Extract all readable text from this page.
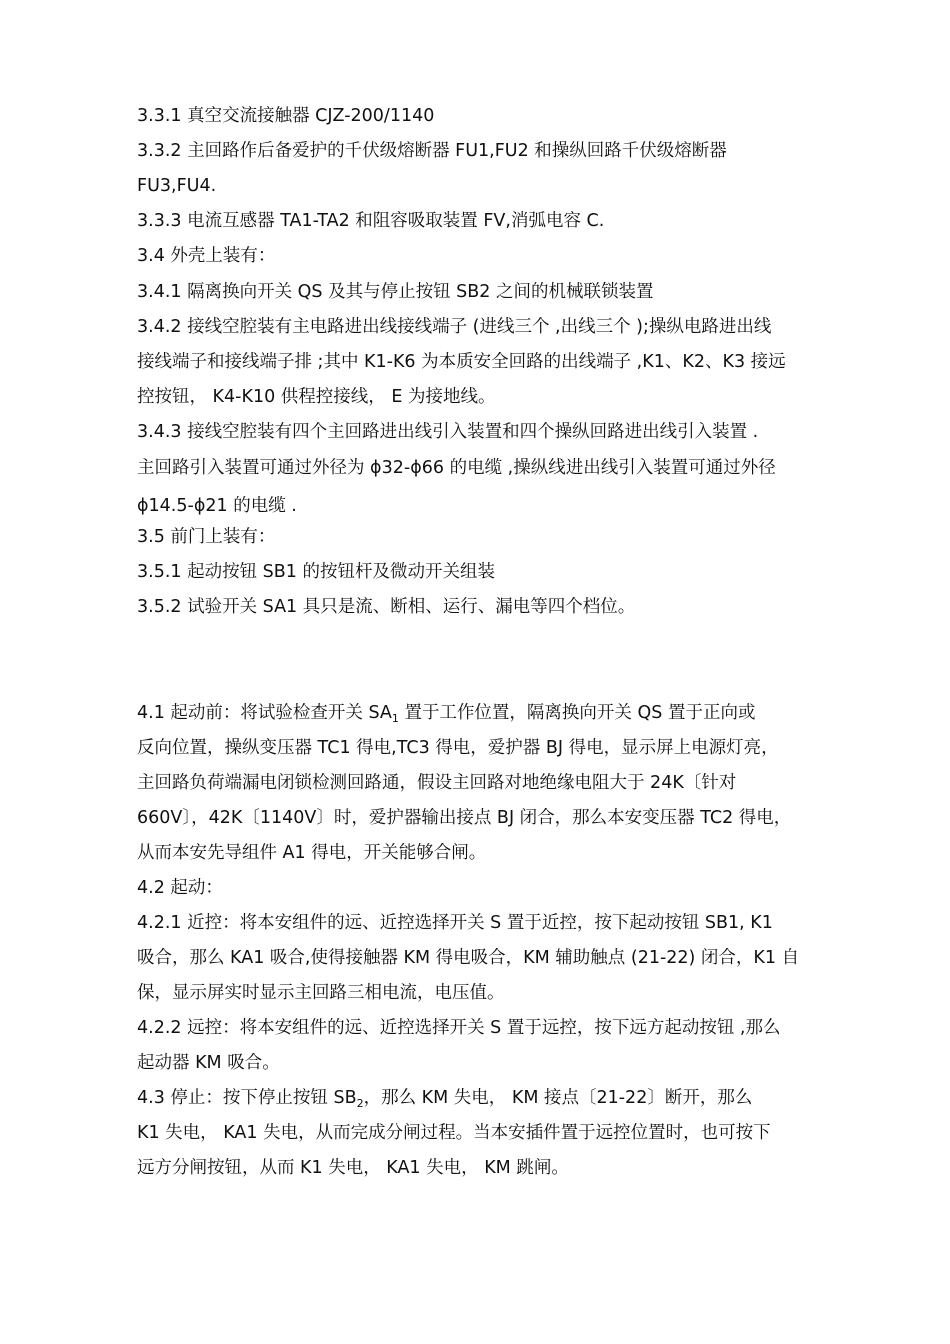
3.3.1 真空交流接触器 CJZ-200/1140
3.3.2 主回路作后备爱护的千伏级熔断器 FU1,FU2 和操纵回路千伏级熔断器
FU3,FU4.
3.3.3 电流互感器 TA1-TA2 和阻容吸取装置 FV,消弧电容 C.
3.4 外壳上装有：
3.4.1 隔离换向开关 QS 及其与停止按钮 SB2 之间的机械联锁装置
3.4.2 接线空腔装有主电路进出线接线端子 (进线三个 ,出线三个 );操纵电路进出线
接线端子和接线端子排 ;其中 K1-K6 为本质安全回路的出线端子 ,K1、K2、K3 接远
控按钮， K4-K10 供程控接线， E 为接地线。
3.4.3 接线空腔装有四个主回路进出线引入装置和四个操纵回路进出线引入装置 .
主回路引入装置可通过外径为 ϕ32-ϕ66 的电缆 ,操纵线进出线引入装置可通过外径
ϕ14.5-ϕ21 的电缆 .
3.5 前门上装有：
3.5.1 起动按钮 SB1 的按钮杆及微动开关组装
3.5.2 试验开关 SA1 具只是流、断相、运行、漏电等四个档位。
4.1 起动前：将试验检查开关 $SA_1$ 置于工作位置，隔离换向开关 QS 置于正向或
反向位置，操纵变压器 TC1 得电,TC3 得电，爱护器 BJ 得电，显示屏上电源灯亮，
主回路负荷端漏电闭锁检测回路通，假设主回路对地绝缘电阻大于 24K〔针对
660V〕，42K〔1140V〕时，爱护器输出接点 BJ 闭合，那么本安变压器 TC2 得电，
从而本安先导组件 A1 得电，开关能够合闸。
4.2 起动：
4.2.1 近控：将本安组件的远、近控选择开关 S 置于近控，按下起动按钮 SB1, K1
吸合，那么 KA1 吸合,使得接触器 KM 得电吸合，KM 辅助触点 (21-22) 闭合，K1 自
保，显示屏实时显示主回路三相电流，电压值。
4.2.2 远控：将本安组件的远、近控选择开关 S 置于远控，按下远方起动按钮 ,那么
起动器 KM 吸合。
4.3 停止：按下停止按钮 $SB_2$，那么 KM 失电， KM 接点〔21-22〕断开，那么
K1 失电， KA1 失电，从而完成分闸过程。当本安插件置于远控位置时，也可按下
远方分闸按钮，从而 K1 失电， KA1 失电， KM 跳闸。
